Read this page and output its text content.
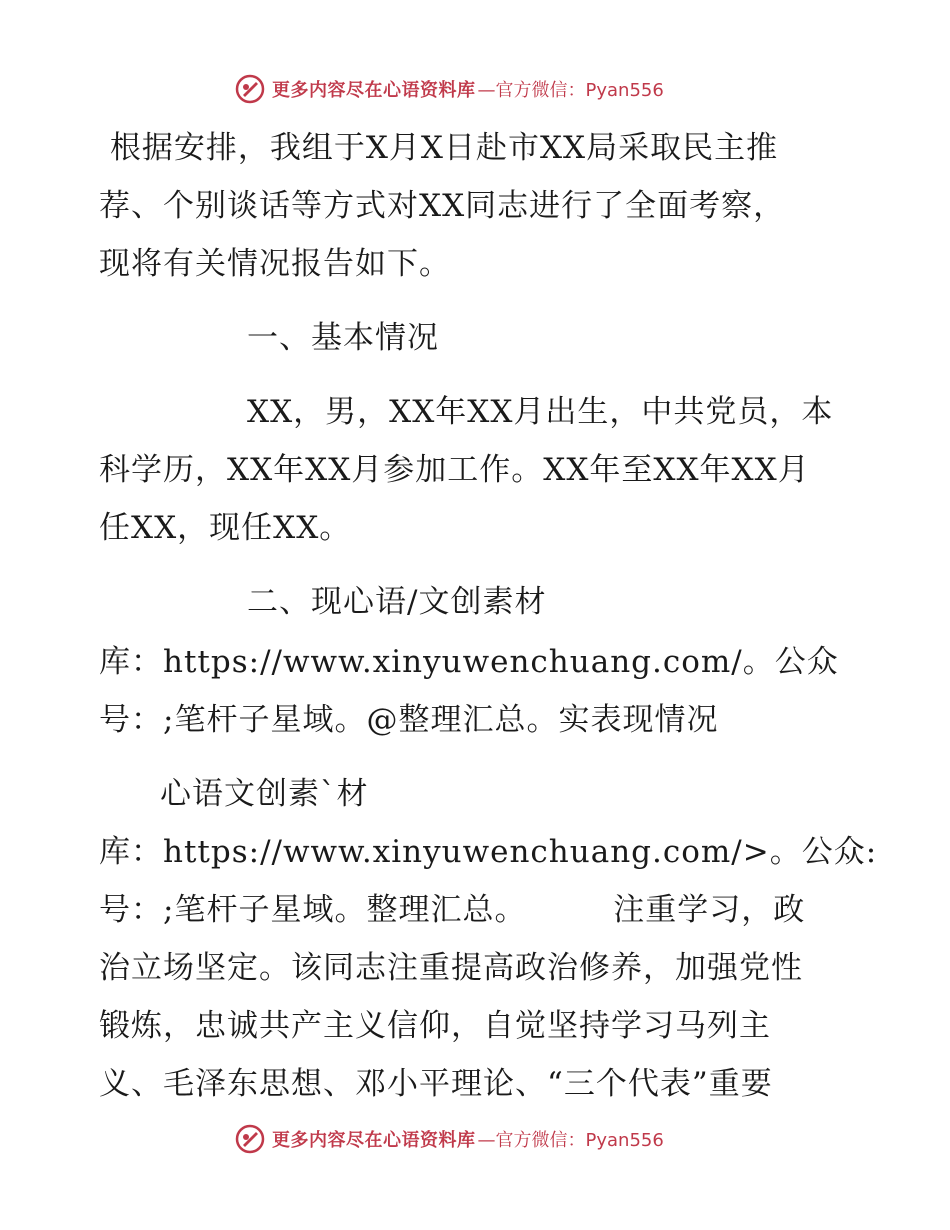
更多内容尽在心语资料库 —官方微信：Pyan556
根据安排，我组于X月X日赴市XX局采取民主推
荐、个别谈话等方式对XX同志进行了全面考察，
现将有关情况报告如下。
一、基本情况
XX，男，XX年XX月出生，中共党员，本
科学历，XX年XX月参加工作。XX年至XX年XX月
任XX，现任XX。
二、现心语/文创素材
库：https://www.xinyuwenchuang.com/。公众
号：;笔杆子星域。@整理汇总。实表现情况
心语文创素`材
库：https://www.xinyuwenchuang.com/>。公众:
号：;笔杆子星域。整理汇总。        注重学习，政
治立场坚定。该同志注重提高政治修养，加强党性
锻炼，忠诚共产主义信仰，自觉坚持学习马列主
义、毛泽东思想、邓小平理论、“三个代表”重要
更多内容尽在心语资料库 —官方微信：Pyan556
